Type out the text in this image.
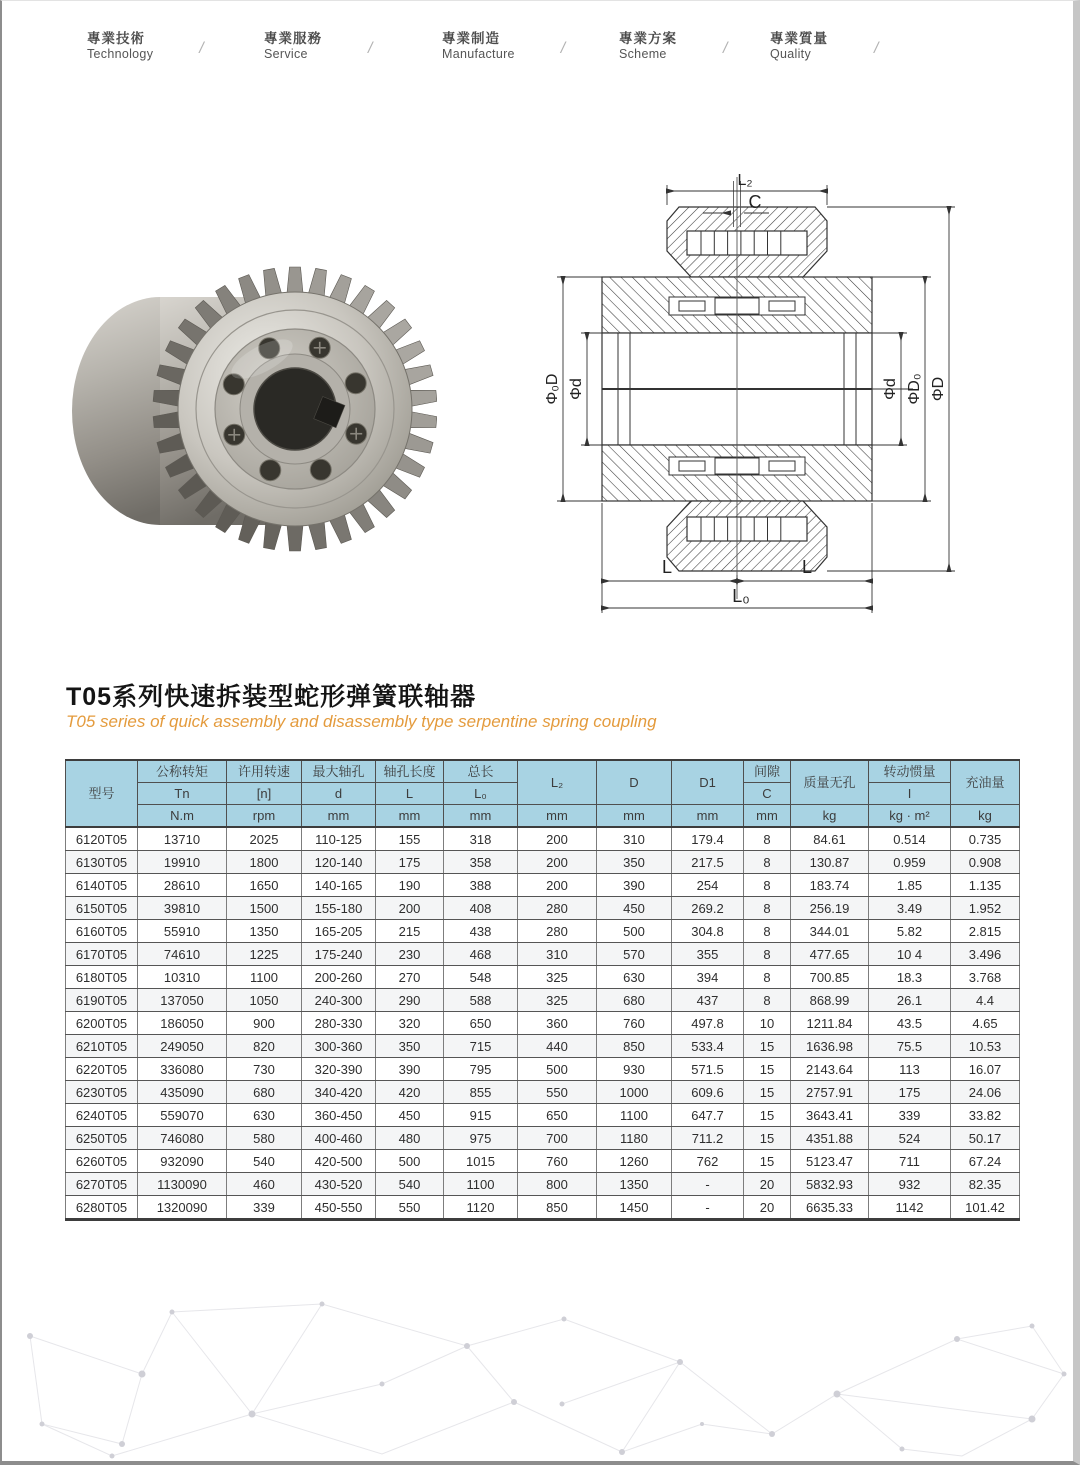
專業技術
Technology	/
專業服務
Service	/
專業制造
Manufacture	/
專業方案
Scheme	/
專業質量
Quality	/
L₂
C
Φ₀D Φd	Φd ΦD₀ ΦD
L	L
L₀
T05系列快速拆装型蛇形弹簧联轴器
T05 series of quick assembly and disassembly type serpentine spring coupling
型号	公称转矩	许用转速	最大轴孔	轴孔长度	总长	L₂	D	D1	间隙	质量无孔	转动惯量	充油量
	Tn	[n]	d	L	L₀				C		I	
	N.m	rpm	mm	mm	mm	mm	mm	mm	mm	kg	kg · m²	kg
6120T05	13710	2025	110-125	155	318	200	310	179.4	8	84.61	0.514	0.735
6130T05	19910	1800	120-140	175	358	200	350	217.5	8	130.87	0.959	0.908
6140T05	28610	1650	140-165	190	388	200	390	254	8	183.74	1.85	1.135
6150T05	39810	1500	155-180	200	408	280	450	269.2	8	256.19	3.49	1.952
6160T05	55910	1350	165-205	215	438	280	500	304.8	8	344.01	5.82	2.815
6170T05	74610	1225	175-240	230	468	310	570	355	8	477.65	10 4	3.496
6180T05	10310	1100	200-260	270	548	325	630	394	8	700.85	18.3	3.768
6190T05	137050	1050	240-300	290	588	325	680	437	8	868.99	26.1	4.4
6200T05	186050	900	280-330	320	650	360	760	497.8	10	1211.84	43.5	4.65
6210T05	249050	820	300-360	350	715	440	850	533.4	15	1636.98	75.5	10.53
6220T05	336080	730	320-390	390	795	500	930	571.5	15	2143.64	113	16.07
6230T05	435090	680	340-420	420	855	550	1000	609.6	15	2757.91	175	24.06
6240T05	559070	630	360-450	450	915	650	1100	647.7	15	3643.41	339	33.82
6250T05	746080	580	400-460	480	975	700	1180	711.2	15	4351.88	524	50.17
6260T05	932090	540	420-500	500	1015	760	1260	762	15	5123.47	711	67.24
6270T05	1130090	460	430-520	540	1100	800	1350	-	20	5832.93	932	82.35
6280T05	1320090	339	450-550	550	1120	850	1450	-	20	6635.33	1142	101.42
